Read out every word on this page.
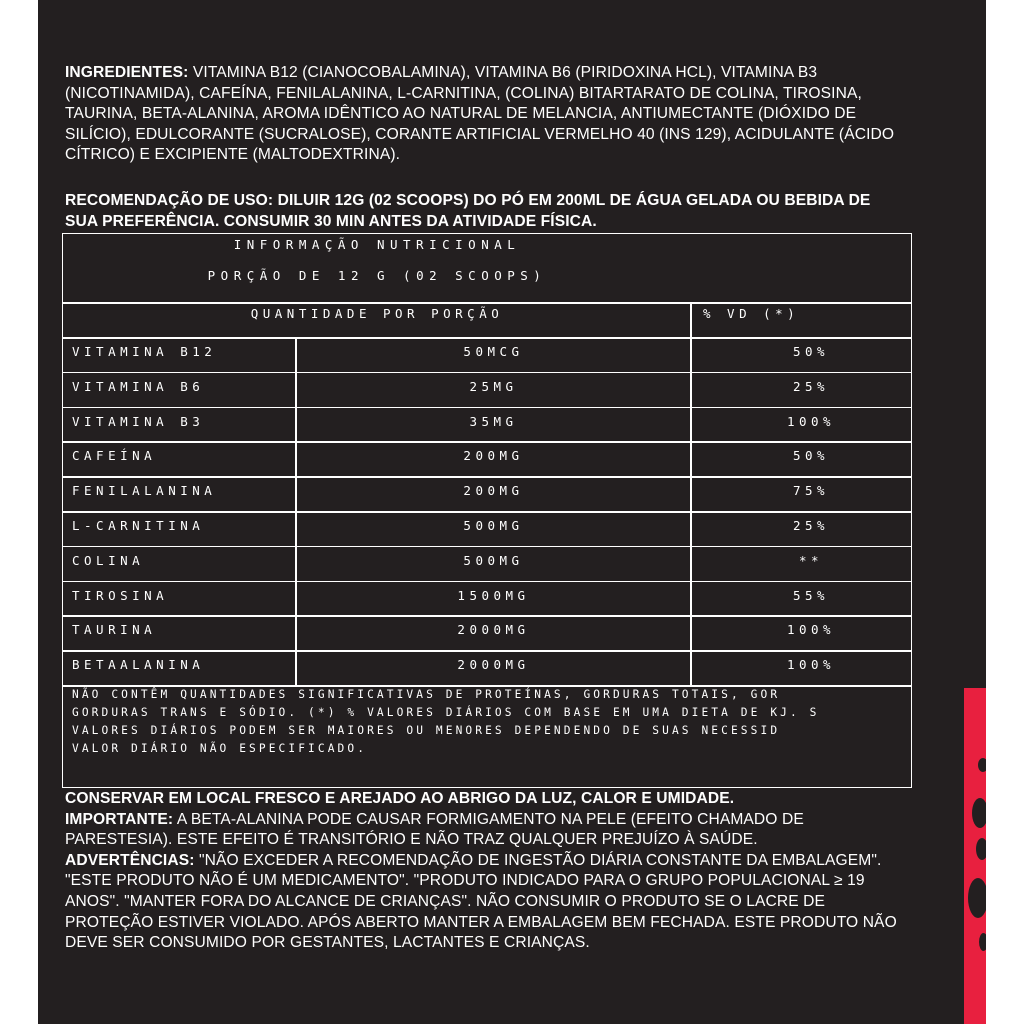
INGREDIENTES: VITAMINA B12 (CIANOCOBALAMINA), VITAMINA B6 (PIRIDOXINA HCL), VITAMINA B3 (NICOTINAMIDA), CAFEÍNA, FENILALANINA, L-CARNITINA, (COLINA) BITARTARATO DE COLINA, TIROSINA, TAURINA, BETA-ALANINA, AROMA IDÊNTICO AO NATURAL DE MELANCIA, ANTIUMECTANTE (DIÓXIDO DE SILÍCIO), EDULCORANTE (SUCRALOSE), CORANTE ARTIFICIAL VERMELHO 40 (INS 129), ACIDULANTE (ÁCIDO CÍTRICO) E EXCIPIENTE (MALTODEXTRINA).
RECOMENDAÇÃO DE USO: DILUIR 12G (02 SCOOPS) DO PÓ EM 200ML DE ÁGUA GELADA OU BEBIDA DE SUA PREFERÊNCIA. CONSUMIR 30 MIN ANTES DA ATIVIDADE FÍSICA.
INFORMAÇÃO NUTRICIONAL
PORÇÃO DE 12 G (02 SCOOPS)
QUANTIDADE POR PORÇÃO	% VD (*)
VITAMINA B12	50MCG	50%
VITAMINA B6	25MG	25%
VITAMINA B3	35MG	100%
CAFEÍNA	200MG	50%
FENILALANINA	200MG	75%
L-CARNITINA	500MG	25%
COLINA	500MG	**
TIROSINA	1500MG	55%
TAURINA	2000MG	100%
BETAALANINA	2000MG	100%
NÃO CONTÊM QUANTIDADES SIGNIFICATIVAS DE PROTEÍNAS, GORDURAS TOTAIS, GOR
GORDURAS TRANS E SÓDIO. (*) % VALORES DIÁRIOS COM BASE EM UMA DIETA DE KJ. S
VALORES DIÁRIOS PODEM SER MAIORES OU MENORES DEPENDENDO DE SUAS NECESSID
VALOR DIÁRIO NÃO ESPECIFICADO.

CONSERVAR EM LOCAL FRESCO E AREJADO AO ABRIGO DA LUZ, CALOR E UMIDADE.

IMPORTANTE: A BETA-ALANINA PODE CAUSAR FORMIGAMENTO NA PELE (EFEITO CHAMADO DE PARESTESIA). ESTE EFEITO É TRANSITÓRIO E NÃO TRAZ QUALQUER PREJUÍZO À SAÚDE.

ADVERTÊNCIAS: "NÃO EXCEDER A RECOMENDAÇÃO DE INGESTÃO DIÁRIA CONSTANTE DA EMBALAGEM". "ESTE PRODUTO NÃO É UM MEDICAMENTO". "PRODUTO INDICADO PARA O GRUPO POPULACIONAL ≥ 19 ANOS". "MANTER FORA DO ALCANCE DE CRIANÇAS". NÃO CONSUMIR O PRODUTO SE O LACRE DE PROTEÇÃO ESTIVER VIOLADO. APÓS ABERTO MANTER A EMBALAGEM BEM FECHADA. ESTE PRODUTO NÃO DEVE SER CONSUMIDO POR GESTANTES, LACTANTES E CRIANÇAS.
